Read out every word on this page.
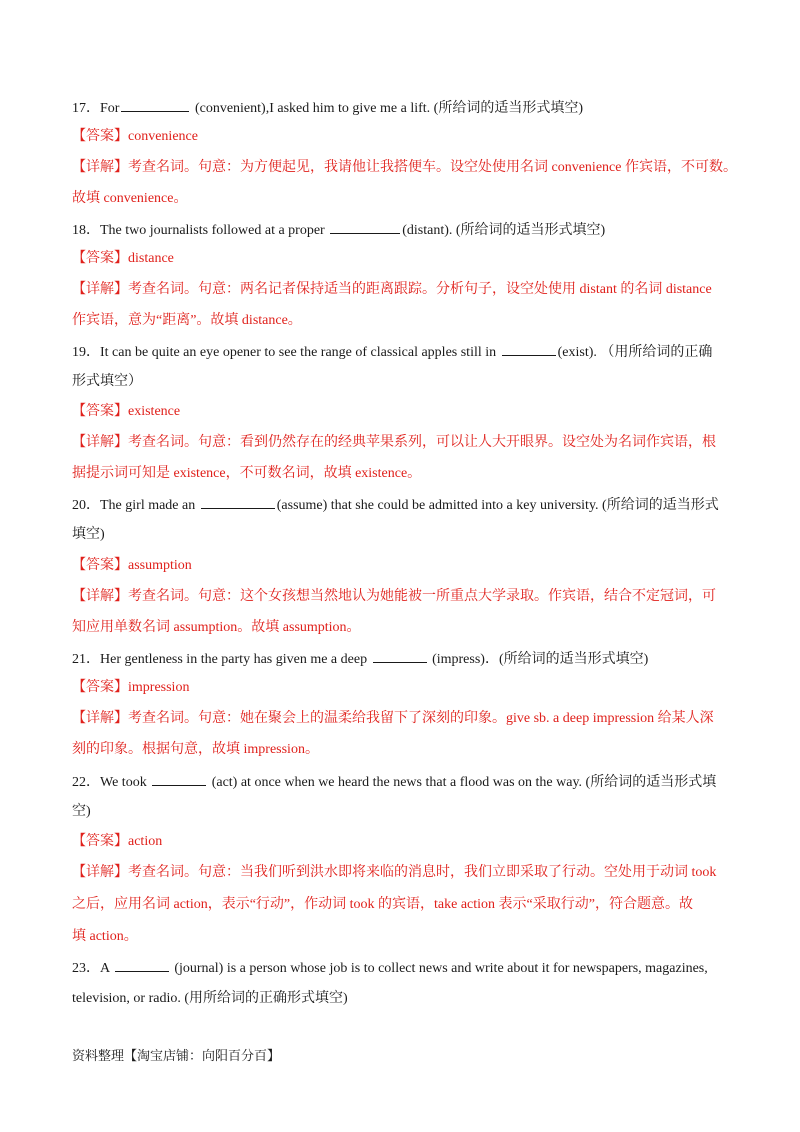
17．For	(convenient),I asked him to give me a lift. (所给词的适当形式填空)
【答案】convenience
【详解】考查名词。句意：为方便起见，我请他让我搭便车。设空处使用名词 convenience 作宾语，不可数。
故填 convenience。
18．The two journalists followed at a proper	(distant). (所给词的适当形式填空)
【答案】distance
【详解】考查名词。句意：两名记者保持适当的距离跟踪。分析句子，设空处使用 distant 的名词 distance
作宾语，意为“距离”。故填 distance。
19．It can be quite an eye opener to see the range of classical apples still in	(exist). （用所给词的正确
形式填空）
【答案】existence
【详解】考查名词。句意：看到仍然存在的经典苹果系列，可以让人大开眼界。设空处为名词作宾语，根
据提示词可知是 existence，不可数名词，故填 existence。
20．The girl made an	(assume) that she could be admitted into a key university. (所给词的适当形式
填空)
【答案】assumption
【详解】考查名词。句意：这个女孩想当然地认为她能被一所重点大学录取。作宾语，结合不定冠词，可
知应用单数名词 assumption。故填 assumption。
21．Her gentleness in the party has given me a deep	(impress)．(所给词的适当形式填空)
【答案】impression
【详解】考查名词。句意：她在聚会上的温柔给我留下了深刻的印象。give sb. a deep impression 给某人深
刻的印象。根据句意，故填 impression。
22．We took	(act) at once when we heard the news that a flood was on the way. (所给词的适当形式填
空)
【答案】action
【详解】考查名词。句意：当我们听到洪水即将来临的消息时，我们立即采取了行动。空处用于动词 took
之后，应用名词 action，表示“行动”，作动词 took 的宾语，take action 表示“采取行动”，符合题意。故
填 action。
23．A	(journal) is a person whose job is to collect news and write about it for newspapers, magazines,
television, or radio. (用所给词的正确形式填空)
资料整理【淘宝店铺：向阳百分百】
